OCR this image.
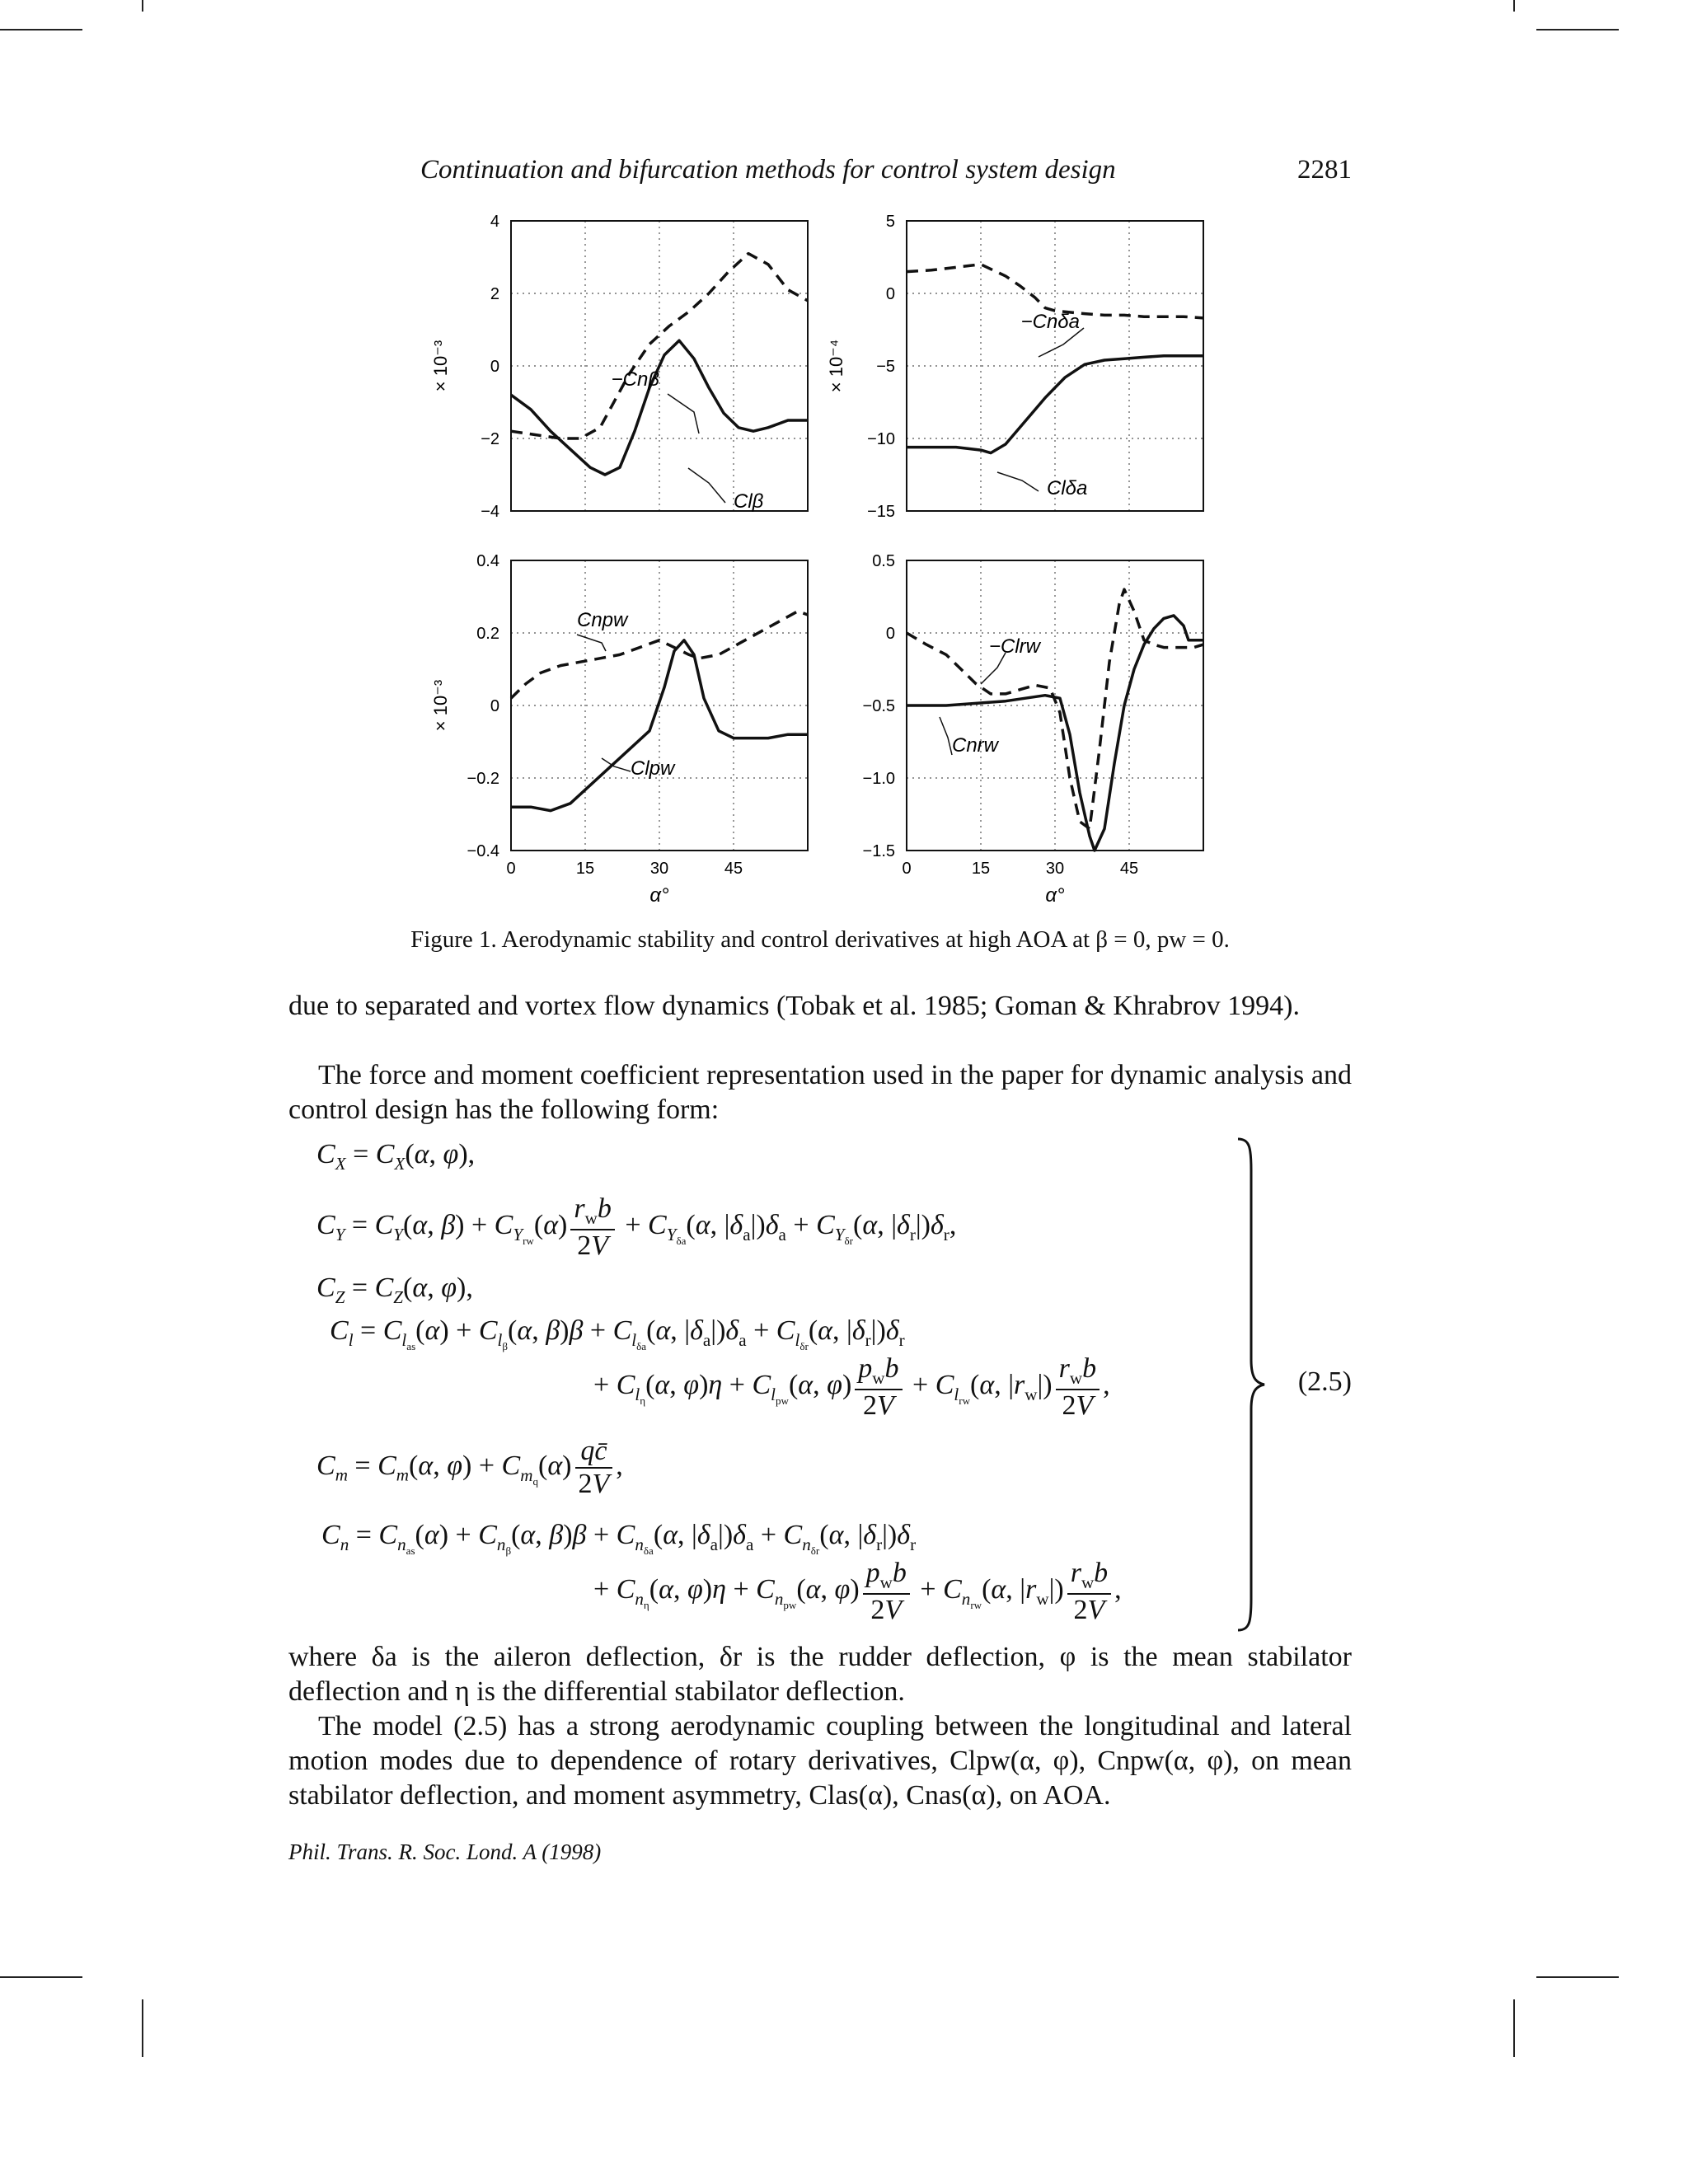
Continuation and bifurcation methods for control system design	2281
4
2
0
−2
−4
× 10⁻³	−Cnβ
Clβ
5
0
−5
−10
−15
× 10⁻⁴
−Cnδa
Clδa
0.4
0.2
0
−0.2
−0.4
0	15	30	45
α°
× 10⁻³
Cnpw
Clpw
0.5
0
−0.5
−1.0
−1.5
0	15	30	45
α°
−Clrw
Cnrw
Figure 1. Aerodynamic stability and control derivatives at high AOA at β = 0, pw = 0.

due to separated and vortex flow dynamics (Tobak et al. 1985; Goman & Khrabrov 1994).

The force and moment coefficient representation used in the paper for dynamic analysis and control design has the following form:

$C_X = C_X(\alpha$, φ),
$C_Y = C_Y(\alpha$, $\beta) + C_{Y_{rw}}(\alpha)$
$r_wb$
2V
+ $C_{Y_{\delta a}}(\alpha$, $|\delta_a|)\delta_a + C_{Y_{\delta r}}(\alpha$, $|\delta_r|)\delta_r$,
$C_Z = C_Z(\alpha$, φ),
$C_l = C_{l_{as}}(\alpha) + C_{l_\beta}(\alpha$, $\beta)\beta + C_{l_{\delta a}}(\alpha$, $|\delta_a|)\delta_a + C_{l_{\delta r}}(\alpha$, $|\delta_r|)\delta_r$
+ $C_{l_\eta}(\alpha$, $\varphi)\eta + C_{l_{pw}}(\alpha$, φ)
$p_wb$
2V
+ $C_{l_{rw}}(\alpha$, $|r_w|$)
$r_wb$
2V
,
$C_m = C_m(\alpha$, $\varphi) + C_{m_q}(\alpha) \frac{qc̄}{2V}$ ,
$C_n = C_{n_{as}}(\alpha) + C_{n_\beta}(\alpha$, $\beta)\beta + C_{n_{\delta a}}(\alpha$, $|\delta_a|)\delta_a + C_{n_{\delta r}}(\alpha$, $|\delta_r|)\delta_r$
+ $C_{n_\eta}(\alpha$, $\varphi)\eta + C_{n_{pw}}(\alpha$, φ)
$p_wb$
2V
+ $C_{n_{rw}}(\alpha$, $|r_w|$)
$r_wb$
2V
,
(2.5)

where δa is the aileron deflection, δr is the rudder deflection, φ is the mean stabilator deflection and η is the differential stabilator deflection.

The model (2.5) has a strong aerodynamic coupling between the longitudinal and lateral motion modes due to dependence of rotary derivatives, Clpw(α, φ), Cnpw(α, φ), on mean stabilator deflection, and moment asymmetry, Clas(α), Cnas(α), on AOA.

Phil. Trans. R. Soc. Lond. A (1998)
